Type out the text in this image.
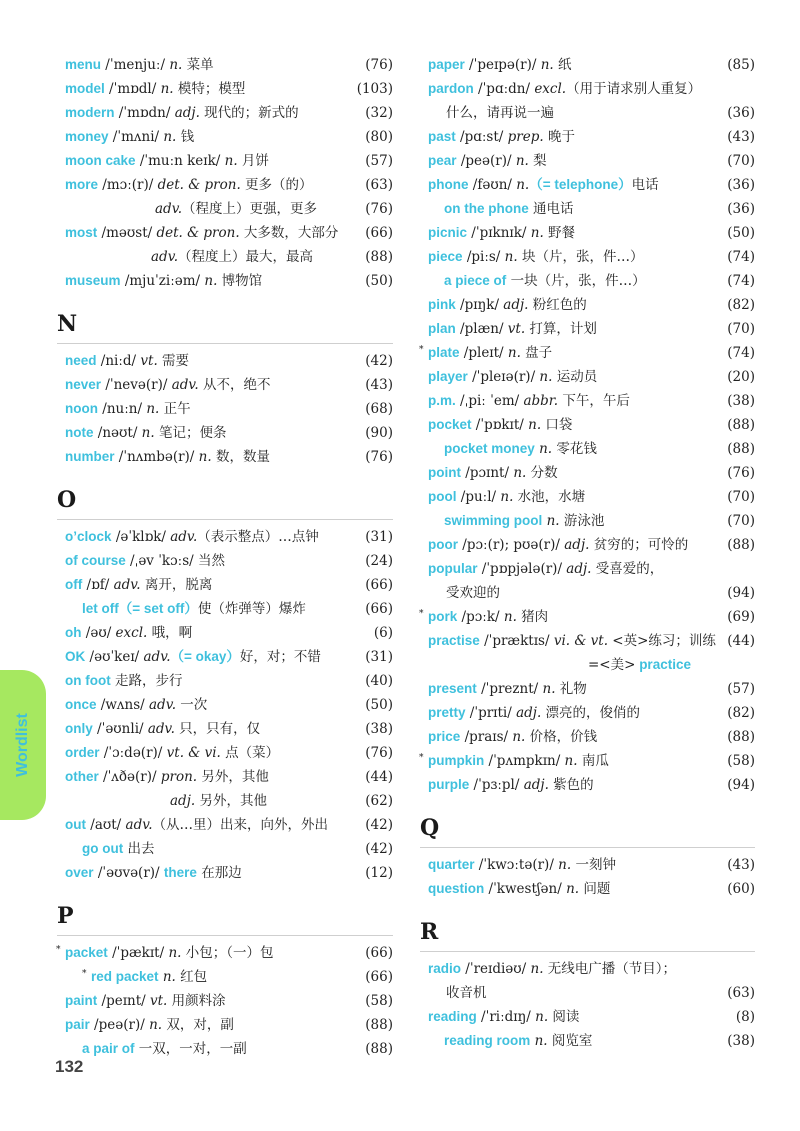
menu /ˈmenjuː/ n. 菜单	(76)
model /ˈmɒdl/ n. 模特；模型	(103)
modern /ˈmɒdn/ adj. 现代的；新式的	(32)
money /ˈmʌni/ n. 钱	(80)
moon cake /ˈmuːn keɪk/ n. 月饼	(57)
more /mɔː(r)/ det. & pron. 更多（的）	(63)
adv.（程度上）更强，更多	(76)
most /məʊst/ det. & pron. 大多数，大部分 (66)
adv.（程度上）最大，最高	(88)
museum /mjuˈziːəm/ n. 博物馆	(50)
N
need /niːd/ vt. 需要	(42)
never /ˈnevə(r)/ adv. 从不，绝不	(43)
noon /nuːn/ n. 正午	(68)
note /nəʊt/ n. 笔记；便条	(90)
number /ˈnʌmbə(r)/ n. 数，数量	(76)
O
o’clock /əˈklɒk/ adv.（表示整点）…点钟	(31)
of course /ˌəv ˈkɔːs/ 当然	(24)
off /ɒf/ adv. 离开，脱离	(66)
let off（= set off）使（炸弹等）爆炸	(66)
oh /əʊ/ excl. 哦，啊	(6)
OK /əʊˈkeɪ/ adv.（= okay）好，对；不错	(31)
on foot 走路，步行	(40)
once /wʌns/ adv. 一次	(50)
only /ˈəʊnli/ adv. 只，只有，仅	(38)
order /ˈɔːdə(r)/ vt. & vi. 点（菜）	(76)
other /ˈʌðə(r)/ pron. 另外，其他	(44)
adj. 另外，其他	(62)
out /aʊt/ adv.（从…里）出来，向外，外出	(42)
go out 出去	(42)
over /ˈəʊvə(r)/ there 在那边	(12)
P
* packet /ˈpækɪt/ n. 小包；（一）包	(66)
* red packet n. 红包	(66)
paint /peɪnt/ vt. 用颜料涂	(58)
pair /peə(r)/ n. 双，对，副	(88)
a pair of 一双，一对，一副	(88)
Q
R
paper /ˈpeɪpə(r)/ n. 纸	(85)
pardon /ˈpɑːdn/ excl.（用于请求别人重复）
什么，请再说一遍	(36)
past /pɑːst/ prep. 晚于	(43)
pear /peə(r)/ n. 梨	(70)
phone /fəʊn/ n.（= telephone）电话	(36)
on the phone 通电话	(36)
picnic /ˈpɪknɪk/ n. 野餐	(50)
piece /piːs/ n. 块（片，张，件…）	(74)
a piece of 一块（片，张，件…）	(74)
pink /pɪŋk/ adj. 粉红色的	(82)
plan /plæn/ vt. 打算，计划	(70)
* plate /pleɪt/ n. 盘子	(74)
player /ˈpleɪə(r)/ n. 运动员	(20)
p.m. /ˌpiː ˈem/ abbr. 下午，午后	(38)
pocket /ˈpɒkɪt/ n. 口袋	(88)
pocket money n. 零花钱	(88)
point /pɔɪnt/ n. 分数	(76)
pool /puːl/ n. 水池，水塘	(70)
swimming pool n. 游泳池	(70)
poor /pɔː(r); pʊə(r)/ adj. 贫穷的；可怜的	(88)
popular /ˈpɒpjələ(r)/ adj. 受喜爱的，
受欢迎的	(94)
* pork /pɔːk/ n. 猪肉	(69)
practise /ˈpræktɪs/ vi. & vt. <英>练习；训练 (44)
=<美> practice
present /ˈpreznt/ n. 礼物	(57)
pretty /ˈprɪti/ adj. 漂亮的，俊俏的	(82)
price /praɪs/ n. 价格，价钱	(88)
* pumpkin /ˈpʌmpkɪn/ n. 南瓜	(58)
purple /ˈpɜːpl/ adj. 紫色的	(94)
quarter /ˈkwɔːtə(r)/ n. 一刻钟	(43)
question /ˈkwestʃən/ n. 问题	(60)
radio /ˈreɪdiəʊ/ n. 无线电广播（节目）；
收音机	(63)
reading /ˈriːdɪŋ/ n. 阅读	(8)
reading room n. 阅览室	(38)
Wordlist
132
